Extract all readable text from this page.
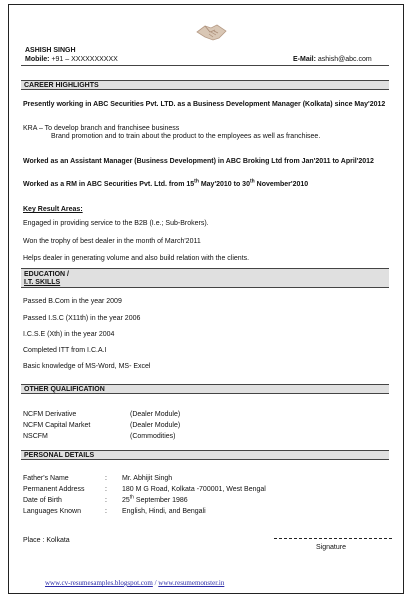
ASHISH SINGH
Mobile: +91 – XXXXXXXXXX	E-Mail: ashish@abc.com
CAREER HIGHLIGHTS
Presently working in ABC Securities Pvt. LTD. as a Business Development Manager (Kolkata) since May'2012
KRA – To develop branch and franchisee business
Brand promotion and to train about the product to the employees as well as franchisee.
Worked as an Assistant Manager (Business Development) in ABC Broking Ltd from Jan'2011 to April'2012
Worked as a RM in ABC Securities Pvt. Ltd. from 15th May'2010 to 30th November'2010
Key Result Areas:
Engaged in providing service to the B2B (I.e.; Sub-Brokers).
Won the trophy of best dealer in the month of March'2011
Helps dealer in generating volume and also build relation with the clients.
EDUCATION /
I.T. SKILLS
Passed B.Com in the year 2009
Passed I.S.C (X11th) in the year 2006
I.C.S.E (Xth) in the year 2004
Completed ITT from I.C.A.I
Basic knowledge of MS-Word, MS- Excel
OTHER QUALIFICATION
NCFM Derivative	(Dealer Module)
NCFM Capital Market	(Dealer Module)
NSCFM	(Commodities)
PERSONAL DETAILS
Father's Name	: Mr. Abhijit Singh
Permanent Address	: 180 M G Road, Kolkata -700001, West Bengal
Date of Birth	: 25th September 1986
Languages Known	: English, Hindi, and Bengali
Place : Kolkata
Signature
www.cv-resumesamples.blogspot.com / www.resumemonster.in
